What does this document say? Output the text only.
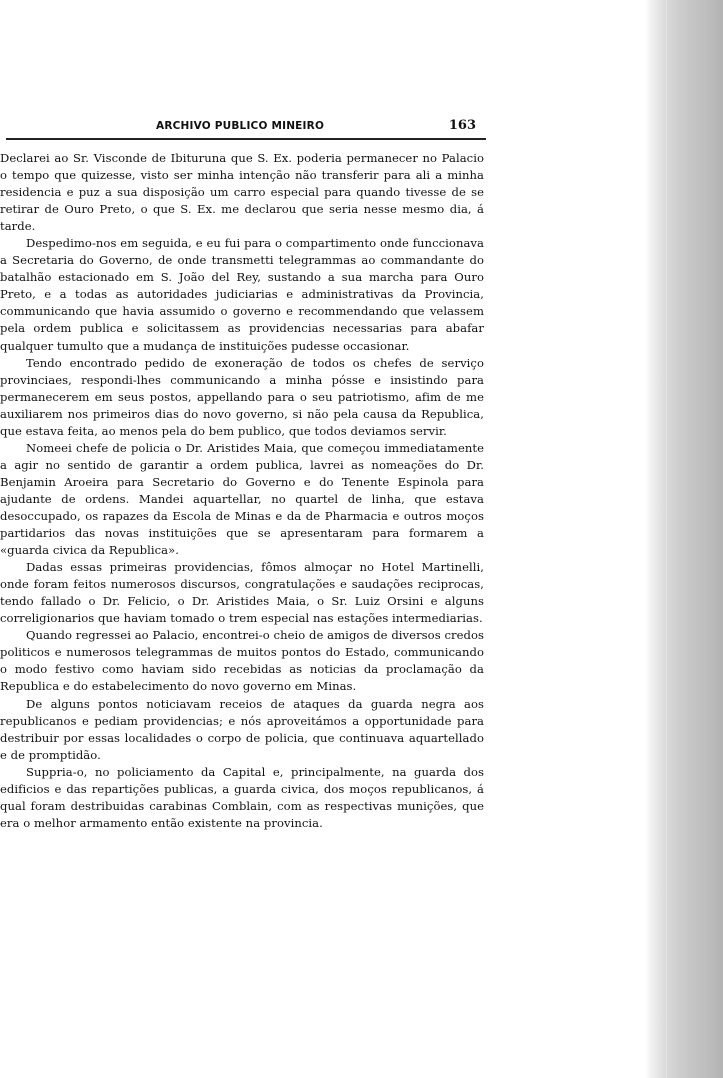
ARCHIVO PUBLICO MINEIRO	163

Declarei ao Sr. Visconde de Ibituruna que S. Ex. poderia permanecer no Palacio o tempo que quizesse, visto ser minha intenção não transferir para ali a minha residencia e puz a sua disposição um carro especial para quando tivesse de se retirar de Ouro Preto, o que S. Ex. me declarou que seria nesse mesmo dia, á tarde.

Despedimo-nos em seguida, e eu fui para o compartimento onde funccionava a Secretaria do Governo, de onde transmetti telegrammas ao commandante do batalhão estacionado em S. João del Rey, sustando a sua marcha para Ouro Preto, e a todas as autoridades judiciarias e administrativas da Provincia, communicando que havia assumido o governo e recommendando que velassem pela ordem publica e solicitassem as providencias necessarias para abafar qualquer tumulto que a mudança de instituições pudesse occasionar.

Tendo encontrado pedido de exoneração de todos os chefes de serviço provinciaes, respondi-lhes communicando a minha pósse e insistindo para permanecerem em seus postos, appellando para o seu patriotismo, afim de me auxiliarem nos primeiros dias do novo governo, si não pela causa da Republica, que estava feita, ao menos pela do bem publico, que todos deviamos servir.

Nomeei chefe de policia o Dr. Aristides Maia, que começou immediatamente a agir no sentido de garantir a ordem publica, lavrei as nomeações do Dr. Benjamin Aroeira para Secretario do Governo e do Tenente Espinola para ajudante de ordens. Mandei aquartellar, no quartel de linha, que estava desoccupado, os rapazes da Escola de Minas e da de Pharmacia e outros moços partidarios das novas instituições que se apresentaram para formarem a «guarda civica da Republica».

Dadas essas primeiras providencias, fômos almoçar no Hotel Martinelli, onde foram feitos numerosos discursos, congratulações e saudações reciprocas, tendo fallado o Dr. Felicio, o Dr. Aristides Maia, o Sr. Luiz Orsini e alguns correligionarios que haviam tomado o trem especial nas estações intermediarias.

Quando regressei ao Palacio, encontrei-o cheio de amigos de diversos credos politicos e numerosos telegrammas de muitos pontos do Estado, communicando o modo festivo como haviam sido recebidas as noticias da proclamação da Republica e do estabelecimento do novo governo em Minas.

De alguns pontos noticiavam receios de ataques da guarda negra aos republicanos e pediam providencias; e nós aproveitámos a opportunidade para destribuir por essas localidades o corpo de policia, que continuava aquartellado e de promptidão.

Suppria-o, no policiamento da Capital e, principalmente, na guarda dos edificios e das repartições publicas, a guarda civica, dos moços republicanos, á qual foram destribuidas carabinas Comblain, com as respectivas munições, que era o melhor armamento então existente na provincia.
